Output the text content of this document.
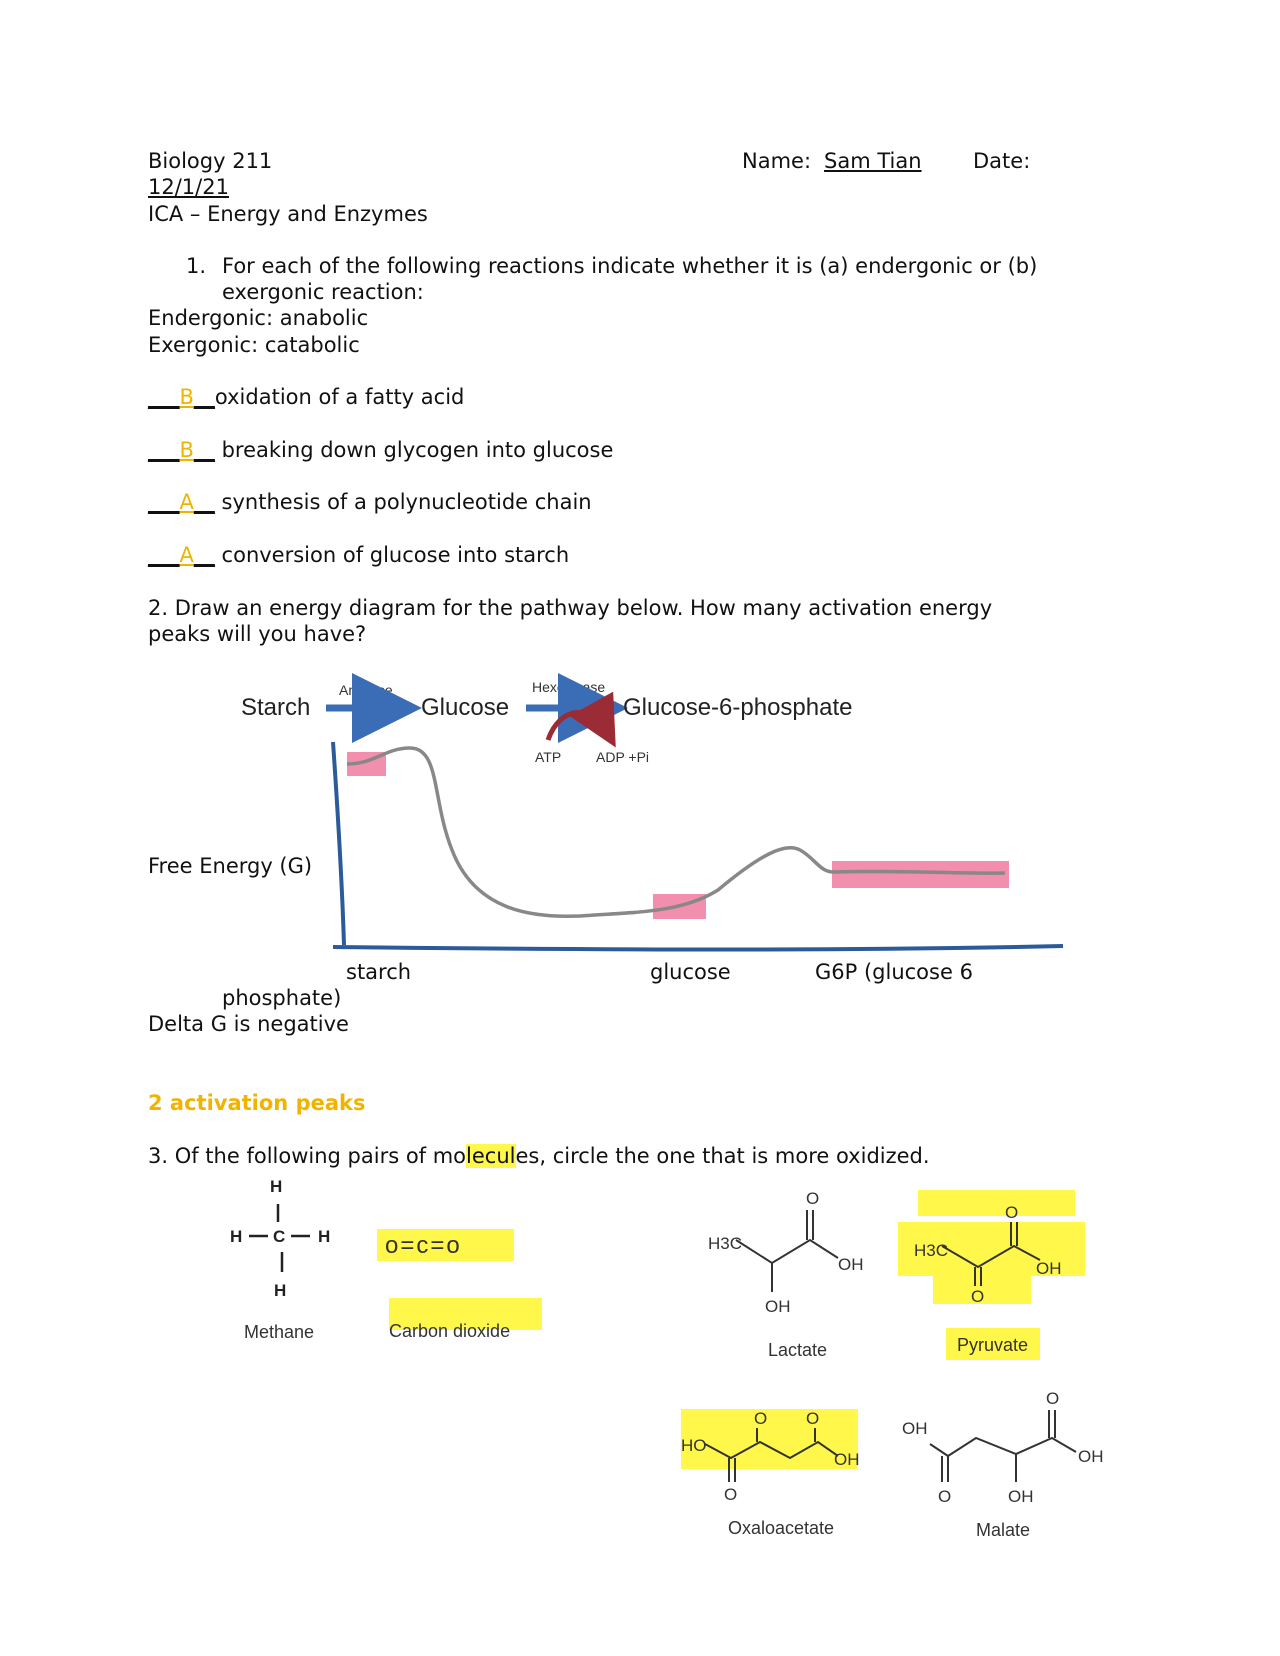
Biology 211	Name: Sam Tian Date:
12/1/21
ICA – Energy and Enzymes
1. For each of the following reactions indicate whether it is (a) endergonic or (b)
exergonic reaction:
Endergonic: anabolic
Exergonic: catabolic
___B__oxidation of a fatty acid
___B__ breaking down glycogen into glucose
___A__ synthesis of a polynucleotide chain
___A__ conversion of glucose into starch
2. Draw an energy diagram for the pathway below. How many activation energy
peaks will you have?
Starch
Amylase
Glucose
Hexokinase
Glucose-6-phosphate
ATP ADP +Pi
Free Energy (G)
starch	glucose	G6P (glucose 6
phosphate)
Delta G is negative
2 activation peaks
3. Of the following pairs of molecules, circle the one that is more oxidized.
H
H C H
H
Methane
o=c=o
Carbon dioxide
H3C
O
OH
OH
Lactate
H3C
O
OH
O
Pyruvate
O O
HO
OH
O
Oxaloacetate
O
OH
OH
O	OH
Malate
